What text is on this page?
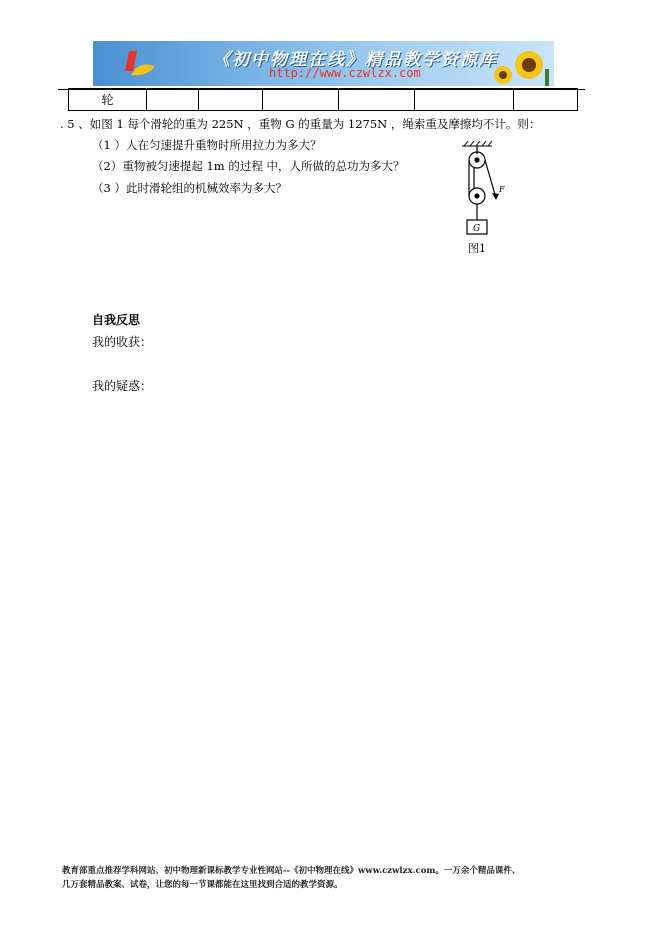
《初中物理在线》精品教学资源库
http://www.czwlzx.com
轮						
. 5 、如图 1 每个滑轮的重为 225N ，重物 G 的重量为 1275N ，绳索重及摩擦均不计。则：
（1 ）人在匀速提升重物时所用拉力为多大？
（2）重物被匀速提起 1m 的过程 中，人所做的总功为多大？
（3 ）此时滑轮组的机械效率为多大？	F
G
图1
自我反思
我的收获：
我的疑惑：
教育部重点推荐学科网站、初中物理新课标教学专业性网站--《初中物理在线》www.czwlzx.com。一万余个精品课件、
几万套精品教案、试卷，让您的每一节课都能在这里找到合适的教学资源。
